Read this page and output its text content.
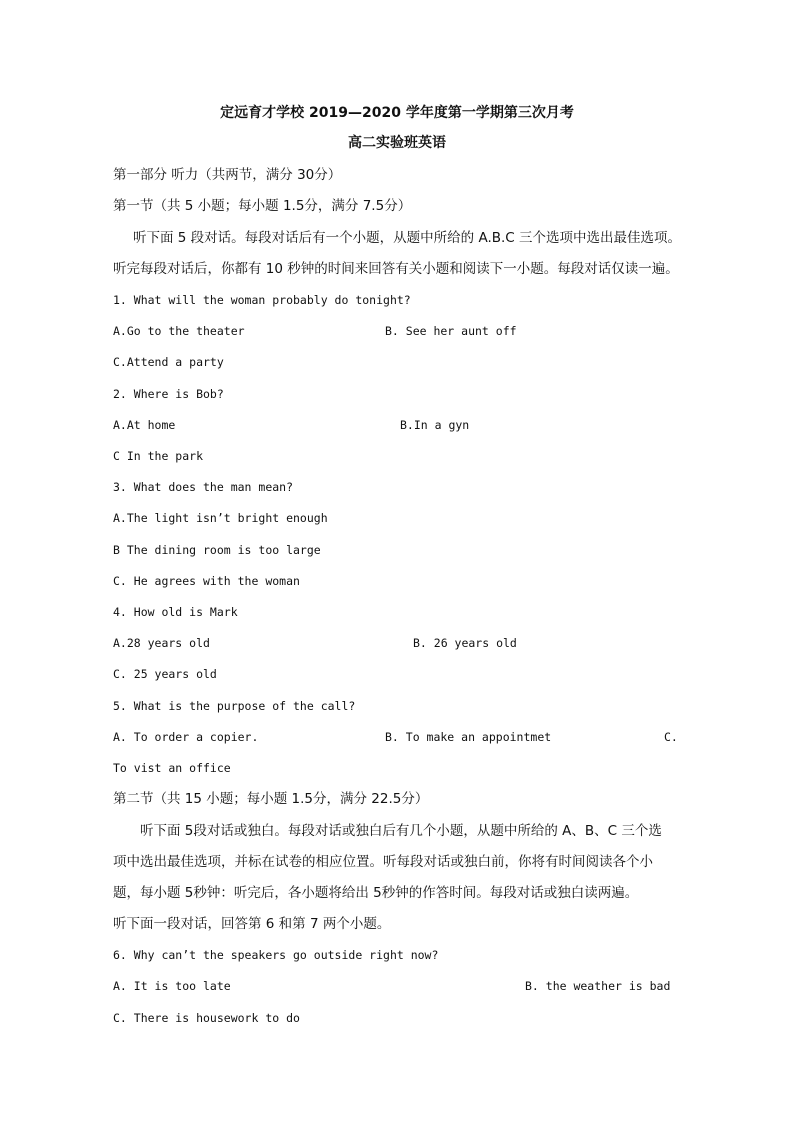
定远育才学校 2019—2020 学年度第一学期第三次月考
高二实验班英语
第一部分 听力（共两节，满分 30分）
第一节（共 5 小题；每小题 1.5分，满分 7.5分）
听下面 5 段对话。每段对话后有一个小题，从题中所给的 A.B.C 三个选项中选出最佳选项。
听完每段对话后，你都有 10 秒钟的时间来回答有关小题和阅读下一小题。每段对话仅读一遍。
1. What will the woman probably do tonight?
A.Go to the theater	B. See her aunt off
C.Attend a party
2. Where is Bob?
A.At home	B.In a gyn
C In the park
3. What does the man mean?
A.The light isn’t bright enough
B The dining room is too large
C. He agrees with the woman
4. How old is Mark
A.28 years old	B. 26 years old
C. 25 years old
5. What is the purpose of the call?
A. To order a copier.	B. To make an appointmet	C.
To vist an office
第二节（共 15 小题；每小题 1.5分，满分 22.5分）
听下面 5段对话或独白。每段对话或独白后有几个小题，从题中所给的 A、B、C 三个选
项中选出最佳选项，并标在试卷的相应位置。听每段对话或独白前，你将有时间阅读各个小
题，每小题 5秒钟：听完后，各小题将给出 5秒钟的作答时间。每段对话或独白读两遍。
听下面一段对话，回答第 6 和第 7 两个小题。
6. Why can’t the speakers go outside right now?
A. It is too late	B. the weather is bad
C. There is housework to do
